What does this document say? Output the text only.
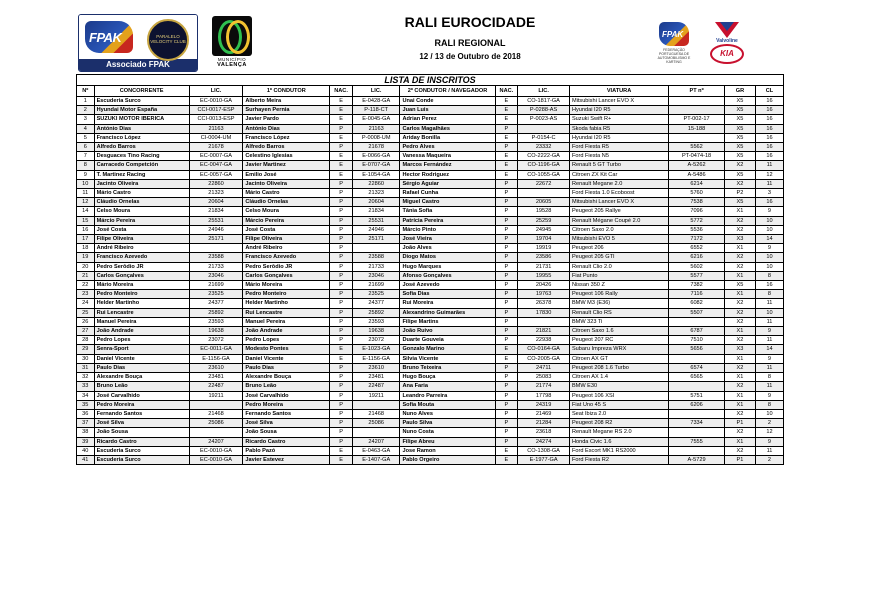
FPAK	PARALELO VELOCITY CLUB
Associado FPAK
MUNICÍPIO
VALENÇA
RALI EUROCIDADE
RALI REGIONAL
12 / 13 de Outubro de 2018
FPAK
FEDERAÇÃO PORTUGUESA DE AUTOMOBILISMO E KARTING
Valvoline
KIA
LISTA DE INSCRITOS												
Nº	CONCORRENTE	LIC.	1º CONDUTOR	NAC.	LIC.	2º CONDUTOR / NAVEGADOR	NAC.	LIC.	VIATURA	PT nº	GR	CL
1	Escuderia Surco	EC-0010-GA	Alberto Meira	E	E-0428-GA	Unai Conde	E	CO-1817-GA	Mitsubishi Lancer EVO X		X5	16
2	Hyundai Motor España	CCI-0017-ESP	Surhayen Pernia	E	P-118-CT	Juan Luis	E	P-0288-AS	Hyundai I20 R5		X5	16
3	SUZUKI MOTOR IBERICA	CCI-0013-ESP	Javier Pardo	E	E-0045-GA	Adrian Perez	E	P-0023-AS	Suzuki Swift R+	PT-002-17	X5	16
4	António Dias	21163	António Dias	P	21163	Carlos Magalhães	P		Skoda fabia R5	15-188	X5	16
5	Francisco López	CI-0004-UM	Francisco López	E	P-0008-UM	Ariday Bonilla	E	P-0154-C	Hyundai I20 R5		X5	16
6	Alfredo Barros	21678	Alfredo Barros	P	21678	Pedro Alves	P	23332	Ford Fiesta R5	5562	X5	16
7	Desguaces Tino Racing	EC-0007-GA	Celestino Iglesias	E	E-0066-GA	Vanessa Maqueira	E	CO-2222-GA	Ford Fiesta N5	PT-0474-18	X5	16
8	Carracedo Competción	EC-0047-GA	Javier Martinez	E	E-0707-GA	Marcos Fernández	E	CO-1196-GA	Renault 5 GT Turbo	A-5262	X2	11
9	T. Martinez Racing	EC-0057-GA	Emilio José	E	E-1054-GA	Hector Rodriguez	E	CO-1055-GA	Citroen ZX Kit Car	A-5486	X5	12
10	Jacinto Oliveira	22860	Jacinto Oliveira	P	22860	Sérgio Aguiar	P	22672	Renault Megane 2.0	6214	X2	11
11	Mário Castro	21323	Mário Castro	P	21323	Rafael Cunha	P		Ford Fiesta 1.0 Ecoboost	5760	P2	3
12	Cláudio Ornelas	20604	Cláudio Ornelas	P	20604	Miguel Castro	P	20605	Mitsubishi Lancer EVO X	7538	X5	16
14	Celso Moura	21834	Celso Moura	P	21834	Tânia Sofia	P	19528	Peugeot 205 Rallye	7096	X1	9
15	Márcio Pereira	25531	Márcio Pereira	P	25531	Patrícia Pereira	P	25259	Renault Mégane Coupé 2.0	5772	X2	10
16	José Costa	24946	José Costa	P	24946	Márcio Pinto	P	24945	Citroen Saxo 2.0	5536	X2	10
17	Filipe Oliveira	25171	Filipe Oliveira	P	25171	José Vieira	P	19704	Mitsubishi EVO 5	7172	X3	14
18	André Ribeiro		André Ribeiro	P		João Alves	P	19919	Peugeot 206	6552	X1	9
19	Francisco Azevedo	23588	Francisco Azevedo	P	23588	Diogo Matos	P	23586	Peugeot 205 GTI	6216	X2	10
20	Pedro Serôdio JR	21733	Pedro Serôdio JR	P	21733	Hugo Marques	P	21731	Renault Clio 2.0	5602	X2	10
21	Carlos Gonçalves	23046	Carlos Gonçalves	P	23046	Afonso Gonçalves	P	19955	Fiat Punto	5577	X1	8
22	Mário Moreira	21699	Mário Moreira	P	21699	José Azevedo	P	20426	Nissan 350 Z	7382	X5	16
23	Pedro Monteiro	23525	Pedro Monteiro	P	23525	Sofia Dias	P	19763	Peugeot 106 Rally	7116	X1	8
24	Helder Martinho	24377	Helder Martinho	P	24377	Rui Moreira	P	26378	BMW M3 (E36)	6082	X2	11
25	Rui Lencastre	25892	Rui Lencastre	P	25892	Alexandrino Guimarães	P	17830	Renault Clio RS	5507	X2	10
26	Manuel Pereira	23593	Manuel Pereira	P	23593	Filipe Martins	P		BMW 323 Ti		X2	11
27	João Andrade	19638	João Andrade	P	19638	João Ruivo	P	21821	Citroen Saxo 1.6	6787	X1	9
28	Pedro Lopes	23072	Pedro Lopes	P	23072	Duarte Gouveia	P	22938	Peugeot 207 RC	7510	X2	11
29	Senra-Sport	EC-0011-GA	Modesto Pontes	E	E-1023-GA	Gonzalo Marino	E	CO-0164-GA	Subaru Impreza WRX	5656	X3	14
30	Daniel Vicente	E-1156-GA	Daniel Vicente	E	E-1156-GA	Silvia Vicente	E	CO-2005-GA	Citroen AX GT		X1	9
31	Paulo Dias	23610	Paulo Dias	P	23610	Bruno Teixeira	P	24711	Peugeot 208 1.6 Turbo	6574	X2	11
32	Alexandre Bouça	23481	Alexandre Bouça	P	23481	Hugo Bouça	P	25083	Citroen AX 1.4	6565	X1	8
33	Bruno Leão	22487	Bruno Leão	P	22487	Ana Faria	P	21774	BMW E30		X2	11
34	José Carvalhido	19211	José Carvalhido	P	19211	Leandro Parreira	P	17798	Peugeot 106 XSI	5751	X1	9
35	Pedro Moreira		Pedro Moreira	P		Sofia Mouta	P	24319	Fiat Uno 45 S	6206	X1	8
36	Fernando Santos	21468	Fernando Santos	P	21468	Nuno Alves	P	21469	Seat Ibiza 2.0		X2	10
37	José Silva	25086	José Silva	P	25086	Paulo Silva	P	21284	Peugeot 208 R2	7334	P1	2
38	João Sousa		João Sousa	P		Nuno Costa	P	23618	Renault Megane RS 2.0		X2	12
39	Ricardo Castro	24207	Ricardo Castro	P	24207	Filipe Abreu	P	24274	Honda Civic 1.6	7555	X1	9
40	Escuderia Surco	EC-0010-GA	Pablo Pazó	E	E-0463-GA	Jose Ramon	E	CO-1308-GA	Ford Escort MK1 RS2000		X2	11
41	Escuderia Surco	EC-0010-GA	Javier Estevez	E	E-1407-GA	Pablo Orgeiro	E	E-1977-GA	Ford Fiesta R2	A-5729	P1	2
